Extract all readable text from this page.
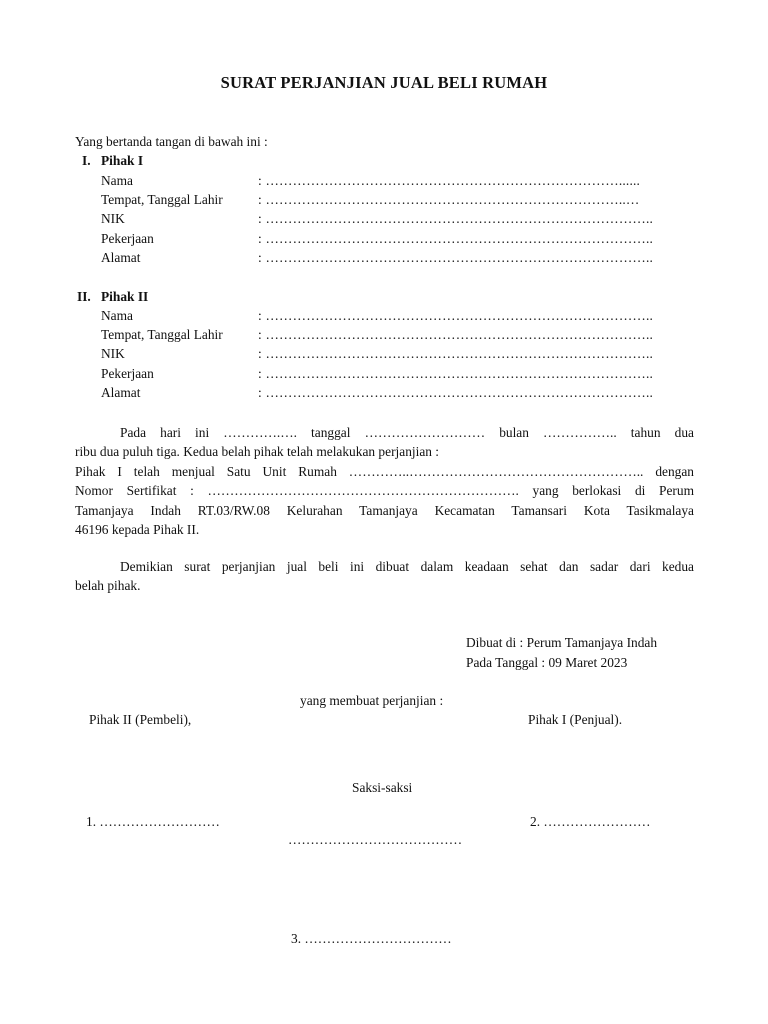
SURAT PERJANJIAN JUAL BELI RUMAH
Yang bertanda tangan di bawah ini :
I. Pihak I
Nama	: ……………………………………………………………………......
Tempat, Tanggal Lahir	: ……………………………………………………………………..…
NIK	: …………………………………………………………………………..
Pekerjaan	: …………………………………………………………………………..
Alamat	: …………………………………………………………………………..
II. Pihak II
Nama	: …………………………………………………………………………..
Tempat, Tanggal Lahir	: …………………………………………………………………………..
NIK	: …………………………………………………………………………..
Pekerjaan	: …………………………………………………………………………..
Alamat	: …………………………………………………………………………..
Pada hari ini ………….…. tanggal ……………………… bulan …………….. tahun dua
ribu dua puluh tiga. Kedua belah pihak telah melakukan perjanjian :
Pihak I telah menjual Satu Unit Rumah …………..…………………………………………….. dengan
Nomor Sertifikat : ……………………………………………………………. yang berlokasi di Perum
Tamanjaya Indah RT.03/RW.08 Kelurahan Tamanjaya Kecamatan Tamansari Kota Tasikmalaya
46196 kepada Pihak II.
Demikian surat perjanjian jual beli ini dibuat dalam keadaan sehat dan sadar dari kedua
belah pihak.
Dibuat di : Perum Tamanjaya Indah
Pada Tanggal : 09 Maret 2023
yang membuat perjanjian :
Pihak II (Pembeli),	Pihak I (Penjual).
Saksi-saksi
1. ………………………	2. ……………………
…………………………………
3. ……………………………
